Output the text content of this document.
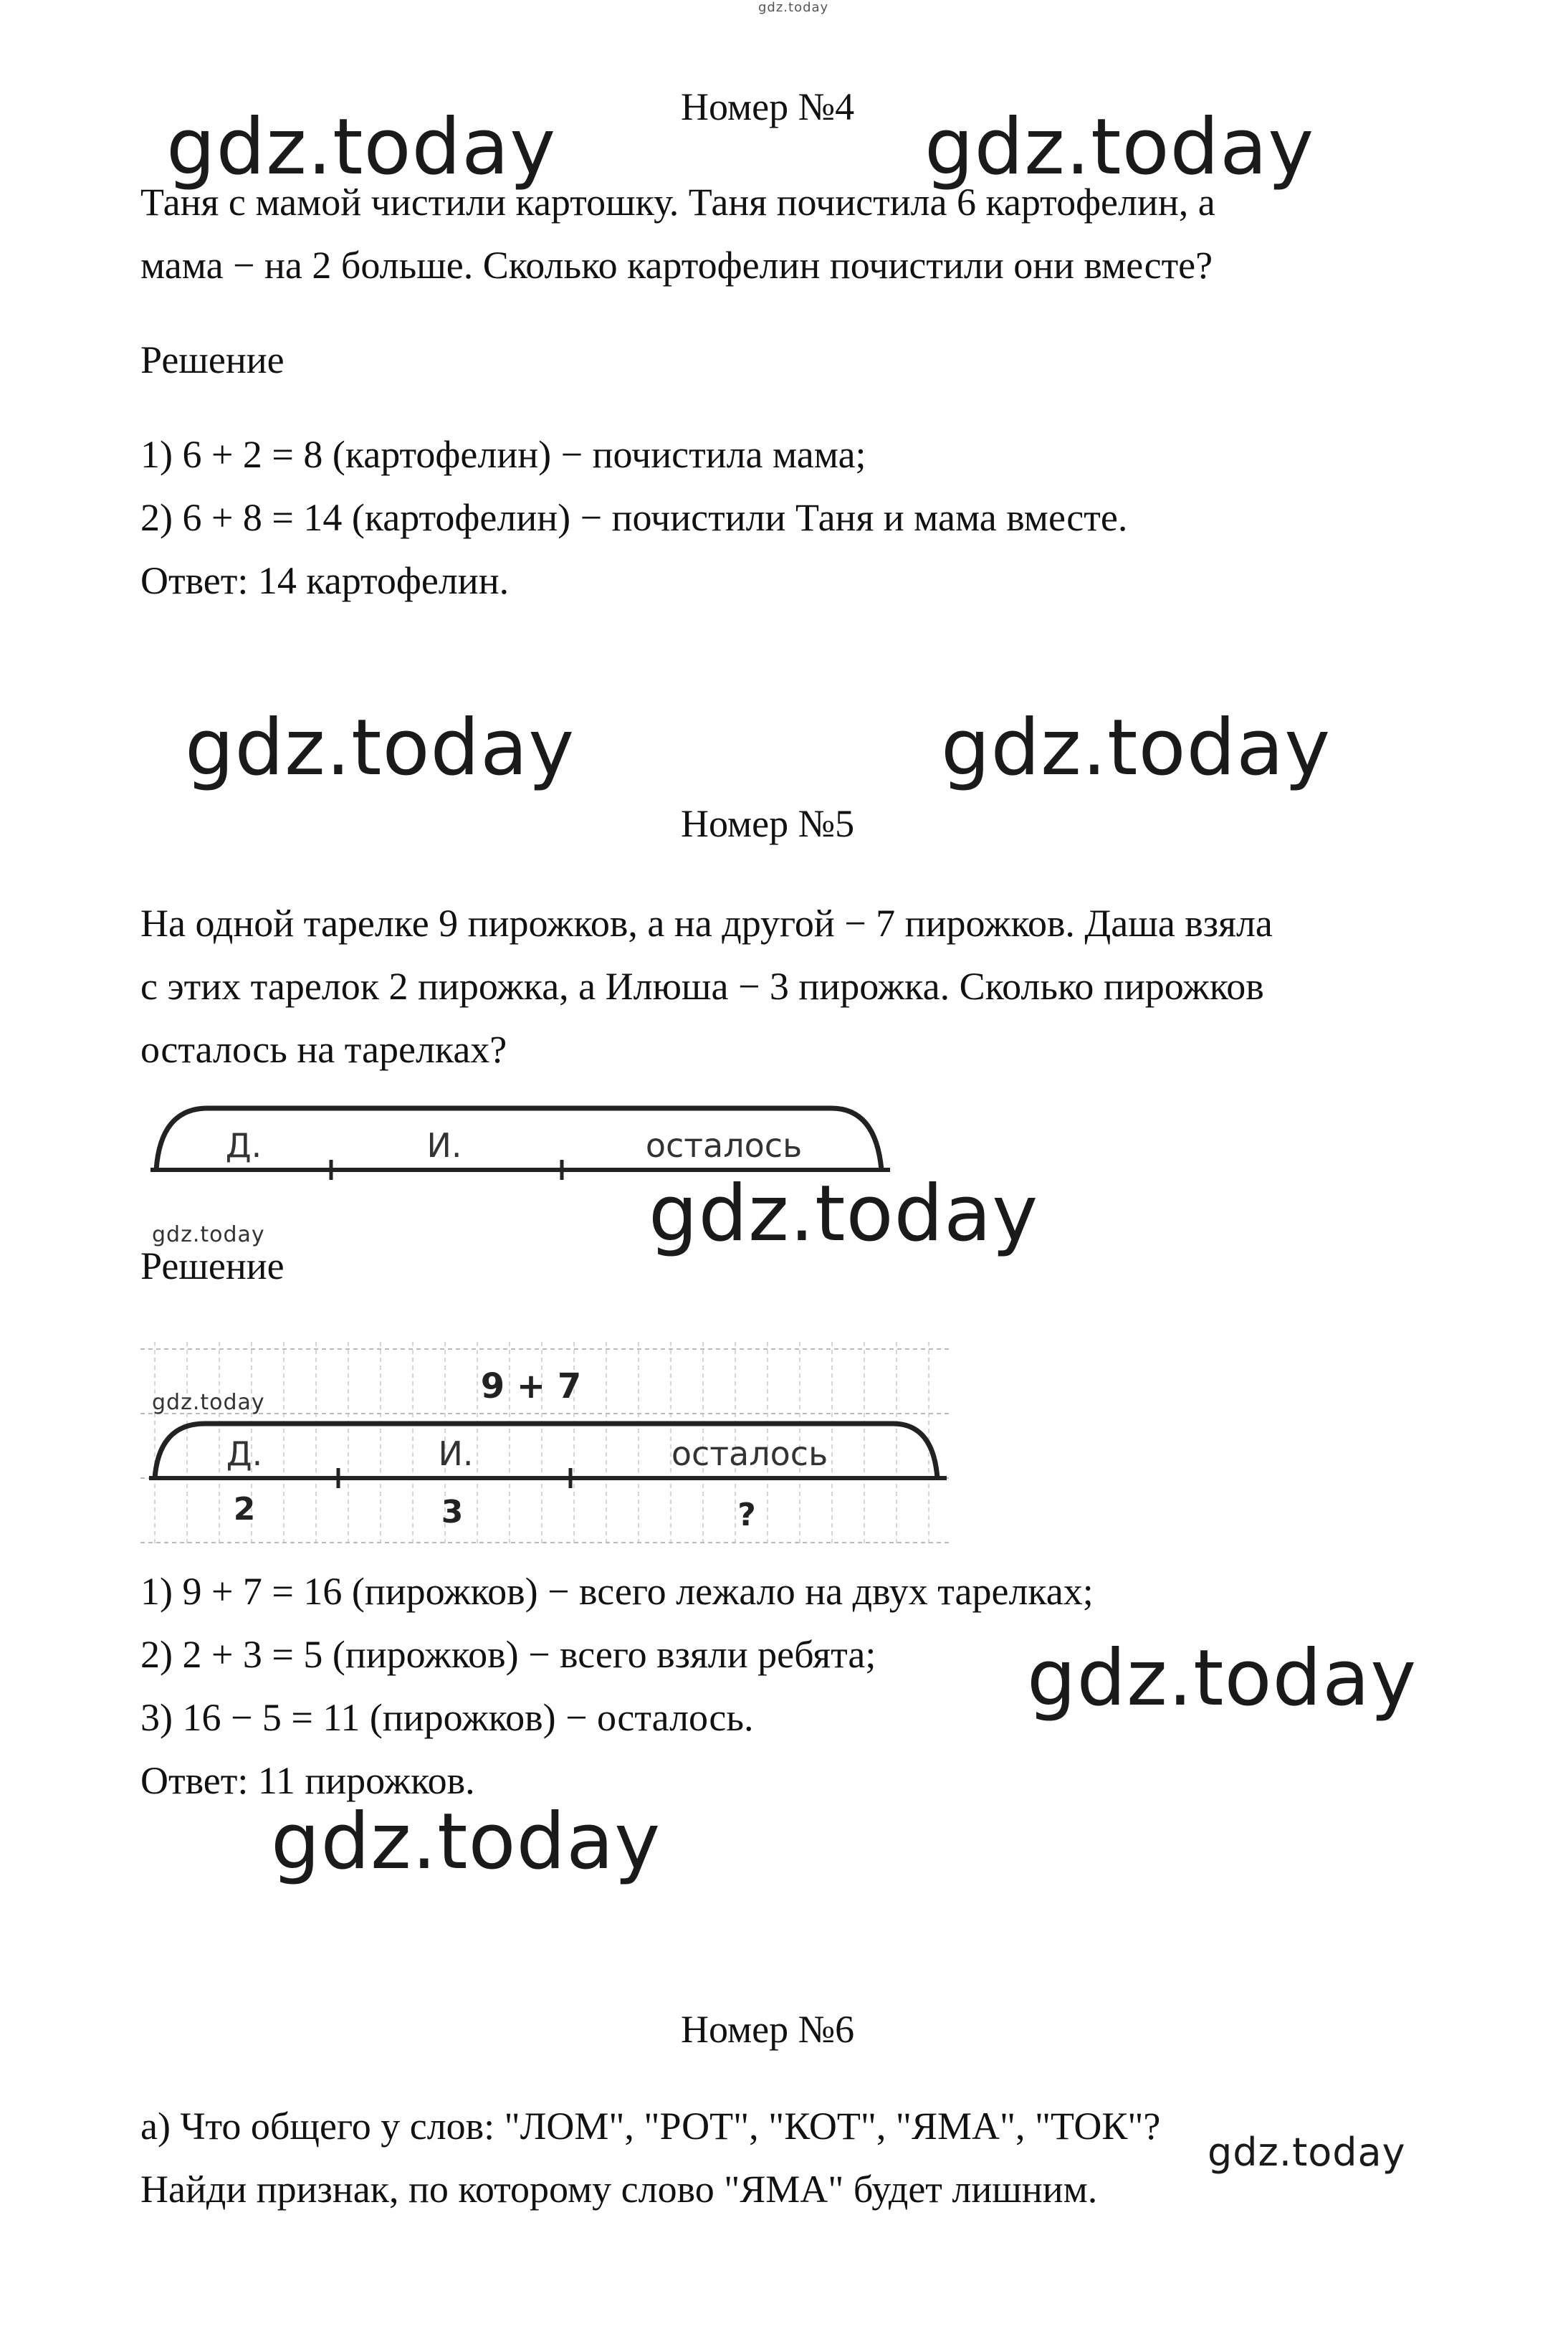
gdz.today
Номер №4
gdz.today	gdz.today
Таня с мамой чистили картошку. Таня почистила 6 картофелин, а
мама − на 2 больше. Сколько картофелин почистили они вместе?
Решение
1) 6 + 2 = 8 (картофелин) − почистила мама;
2) 6 + 8 = 14 (картофелин) − почистили Таня и мама вместе.
Ответ: 14 картофелин.
gdz.today	gdz.today
Номер №5
На одной тарелке 9 пирожков, а на другой − 7 пирожков. Даша взяла
с этих тарелок 2 пирожка, а Илюша − 3 пирожка. Сколько пирожков
осталось на тарелках?
Д.	И.	осталось
gdz.today
gdz.today
Решение
9 + 7
Д.	И.	осталось
2	3	?
gdz.today
1) 9 + 7 = 16 (пирожков) − всего лежало на двух тарелках;
2) 2 + 3 = 5 (пирожков) − всего взяли ребята; gdz.today
3) 16 − 5 = 11 (пирожков) − осталось.
Ответ: 11 пирожков.
gdz.today
Номер №6
а) Что общего у слов: "ЛОМ", "РОТ", "КОТ", "ЯМА", "ТОК"?
gdz.today
Найди признак, по которому слово "ЯМА" будет лишним.
